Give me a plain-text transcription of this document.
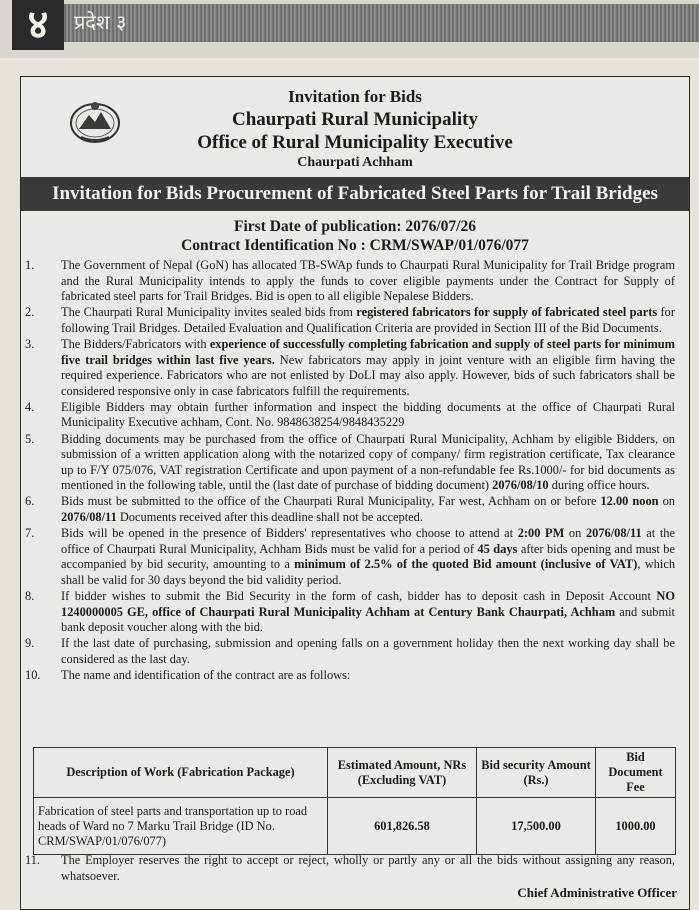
४	प्रदेश ३
Invitation for Bids
Chaurpati Rural Municipality
Office of Rural Municipality Executive
Chaurpati Achham
Invitation for Bids Procurement of Fabricated Steel Parts for Trail Bridges
First Date of publication: 2076/07/26
Contract Identification No : CRM/SWAP/01/076/077
1.	The Government of Nepal (GoN) has allocated TB-SWAp funds to Chaurpati Rural Municipality for Trail Bridge program and the Rural Municipality intends to apply the funds to cover eligible payments under the Contract for Supply of fabricated steel parts for Trail Bridges. Bid is open to all eligible Nepalese Bidders.
2.	The Chaurpati Rural Municipality invites sealed bids from registered fabricators for supply of fabricated steel parts for following Trail Bridges. Detailed Evaluation and Qualification Criteria are provided in Section III of the Bid Documents.
3.	The Bidders/Fabricators with experience of successfully completing fabrication and supply of steel parts for minimum five trail bridges within last five years. New fabricators may apply in joint venture with an eligible firm having the required experience. Fabricators who are not enlisted by DoLI may also apply. However, bids of such fabricators shall be considered responsive only in case fabricators fulfill the requirements.
4.	Eligible Bidders may obtain further information and inspect the bidding documents at the office of Chaurpati Rural Municipality Executive achham, Cont. No. 9848638254/9848435229
5.	Bidding documents may be purchased from the office of Chaurpati Rural Municipality, Achham by eligible Bidders, on submission of a written application along with the notarized copy of company/ firm registration certificate, Tax clearance up to F/Y 075/076, VAT registration Certificate and upon payment of a non-refundable fee Rs.1000/- for bid documents as mentioned in the following table, until the (last date of purchase of bidding document) 2076/08/10 during office hours.
6.	Bids must be submitted to the office of the Chaurpati Rural Municipality, Far west, Achham on or before 12.00 noon on 2076/08/11 Documents received after this deadline shall not be accepted.
7.	Bids will be opened in the presence of Bidders' representatives who choose to attend at 2:00 PM on 2076/08/11 at the office of Chaurpati Rural Municipality, Achham Bids must be valid for a period of 45 days after bids opening and must be accompanied by bid security, amounting to a minimum of 2.5% of the quoted Bid amount (inclusive of VAT), which shall be valid for 30 days beyond the bid validity period.
8.	If bidder wishes to submit the Bid Security in the form of cash, bidder has to deposit cash in Deposit Account NO 1240000005 GE, office of Chaurpati Rural Municipality Achham at Century Bank Chaurpati, Achham and submit bank deposit voucher along with the bid.
9.	If the last date of purchasing, submission and opening falls on a government holiday then the next working day shall be considered as the last day.
10.	The name and identification of the contract are as follows:
Description of Work (Fabrication Package)	Estimated Amount, NRs (Excluding VAT)	Bid security Amount (Rs.)	Bid Document Fee
Fabrication of steel parts and transportation up to road heads of Ward no 7 Marku Trail Bridge (ID No. CRM/SWAP/01/076/077)	601,826.58	17,500.00	1000.00
11.	The Employer reserves the right to accept or reject, wholly or partly any or all the bids without assigning any reason, whatsoever.
Chief Administrative Officer
